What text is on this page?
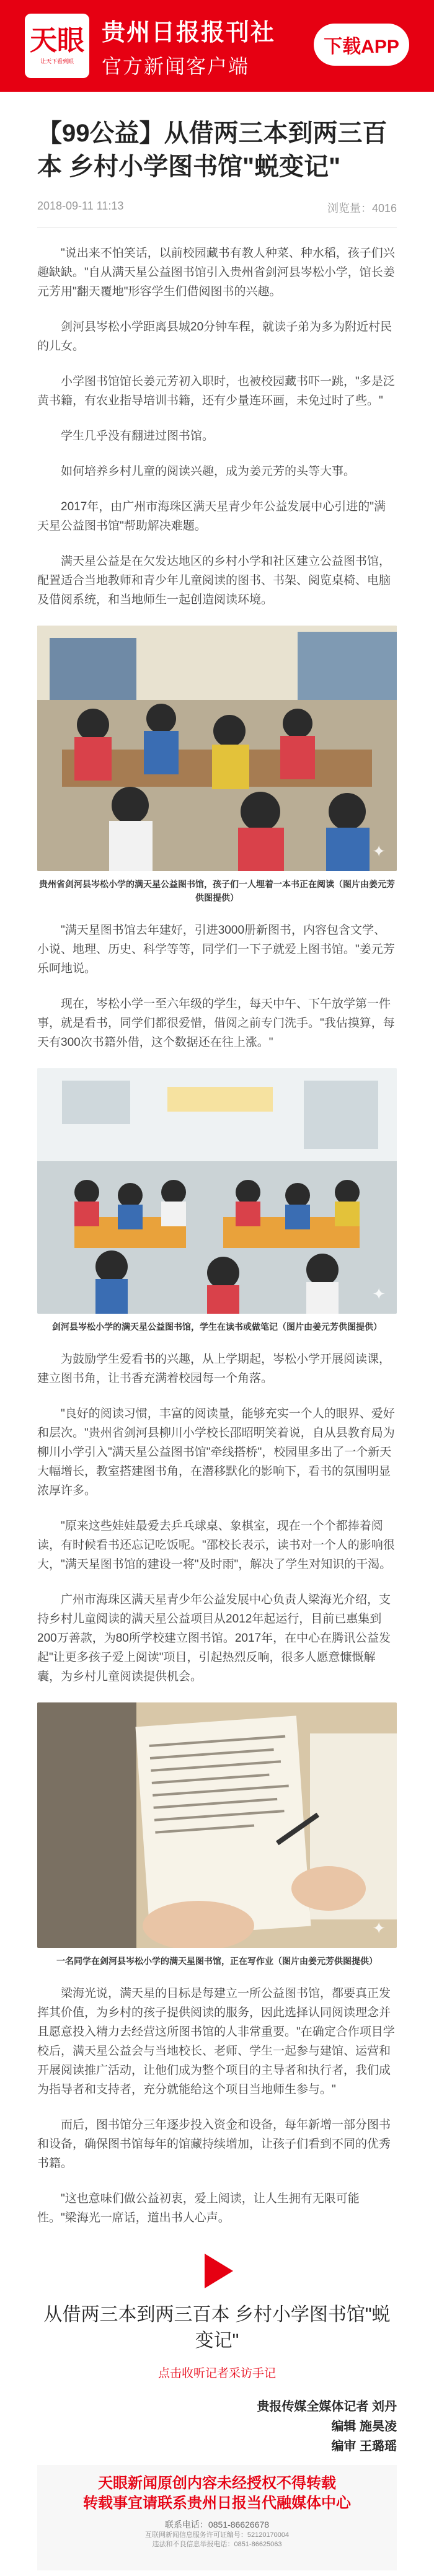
天眼
让天下看到眼
贵州日报报刊社
官方新闻客户端
下载APP
【99公益】从借两三本到两三百本 乡村小学图书馆"蜕变记"
2018-09-11 11:13	浏览量：4016

"说出来不怕笑话，以前校园藏书有教人种菜、种水稻，孩子们兴趣缺缺。"自从满天星公益图书馆引入贵州省剑河县岑松小学，馆长姜元芳用"翻天覆地"形容学生们借阅图书的兴趣。

剑河县岑松小学距离县城20分钟车程，就读子弟为多为附近村民的儿女。

小学图书馆馆长姜元芳初入职时，也被校园藏书吓一跳，"多是泛黄书籍，有农业指导培训书籍，还有少量连环画，未免过时了些。"

学生几乎没有翻进过图书馆。

如何培养乡村儿童的阅读兴趣，成为姜元芳的头等大事。

2017年，由广州市海珠区满天星青少年公益发展中心引进的"满天星公益图书馆"帮助解决难题。

满天星公益是在欠发达地区的乡村小学和社区建立公益图书馆，配置适合当地教师和青少年儿童阅读的图书、书架、阅览桌椅、电脑及借阅系统，和当地师生一起创造阅读环境。

✦
贵州省剑河县岑松小学的满天星公益图书馆，孩子们一人埋着一本书正在阅读（图片由姜元芳供图提供）

"满天星图书馆去年建好，引进3000册新图书，内容包含文学、小说、地理、历史、科学等等，同学们一下子就爱上图书馆。"姜元芳乐呵地说。

现在，岑松小学一至六年级的学生，每天中午、下午放学第一件事，就是看书，同学们都很爱惜，借阅之前专门洗手。"我估摸算，每天有300次书籍外借，这个数据还在往上涨。"

✦
剑河县岑松小学的满天星公益图书馆，学生在读书或做笔记（图片由姜元芳供图提供）

为鼓励学生爱看书的兴趣，从上学期起，岑松小学开展阅读课，建立图书角，让书香充满着校园每一个角落。

"良好的阅读习惯，丰富的阅读量，能够充实一个人的眼界、爱好和层次。"贵州省剑河县柳川小学校长邵昭明笑着说，自从县教育局为柳川小学引入"满天星公益图书馆"牵线搭桥"，校园里多出了一个新天大幅增长，教室搭建图书角，在潜移默化的影响下，看书的氛围明显浓厚许多。

"原来这些娃娃最爱去乒乓球桌、象棋室，现在一个个都捧着阅读，有时候看书还忘记吃饭呢。"邵校长表示，读书对一个人的影响很大，"满天星图书馆的建设一将"及时雨"，解决了学生对知识的干渴。

广州市海珠区满天星青少年公益发展中心负责人梁海光介绍，支持乡村儿童阅读的满天星公益项目从2012年起运行，目前已惠集到200万善款，为80所学校建立图书馆。2017年，在中心在腾讯公益发起"让更多孩子爱上阅读"项目，引起热烈反响，很多人愿意慷慨解囊，为乡村儿童阅读提供机会。

✦
一名同学在剑河县岑松小学的满天星图书馆，正在写作业（图片由姜元芳供图提供）

梁海光说，满天星的目标是每建立一所公益图书馆，都要真正发挥其价值，为乡村的孩子提供阅读的服务，因此选择认同阅读理念并且愿意投入精力去经营这所图书馆的人非常重要。"在确定合作项目学校后，满天星公益会与当地校长、老师、学生一起参与建馆、运营和开展阅读推广活动，让他们成为整个项目的主导者和执行者，我们成为指导者和支持者，充分就能给这个项目当地师生参与。"

而后，图书馆分三年逐步投入资金和设备，每年新增一部分图书和设备，确保图书馆每年的馆藏持续增加，让孩子们看到不同的优秀书籍。

"这也意味们做公益初衷，爱上阅读，让人生拥有无限可能性。"梁海光一席话，道出书人心声。

从借两三本到两三百本 乡村小学图书馆"蜕变记"
点击收听记者采访手记
贵报传媒全媒体记者 刘丹
编辑 施昊凌
编审 王璐瑶
天眼新闻原创内容未经授权不得转载
转载事宜请联系贵州日报当代融媒体中心
联系电话：0851-86626678
互联网新闻信息服务许可证编号：52120170004
违法和不良信息举报电话：0851-86625063
